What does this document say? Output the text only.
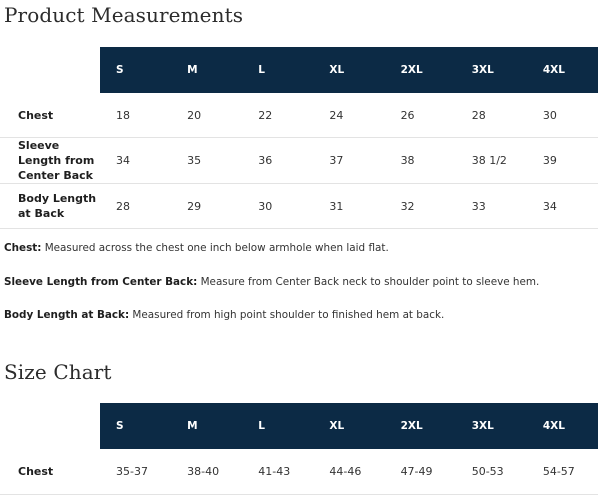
Product Measurements
	S	M	L	XL	2XL	3XL	4XL
Chest	18	20	22	24	26	28	30
Sleeve Length from Center Back	34	35	36	37	38	38 1/2	39
Body Length at Back	28	29	30	31	32	33	34

Chest: Measured across the chest one inch below armhole when laid flat.

Sleeve Length from Center Back: Measure from Center Back neck to shoulder point to sleeve hem.

Body Length at Back: Measured from high point shoulder to finished hem at back.

Size Chart
	S	M	L	XL	2XL	3XL	4XL
Chest	35-37	38-40	41-43	44-46	47-49	50-53	54-57
